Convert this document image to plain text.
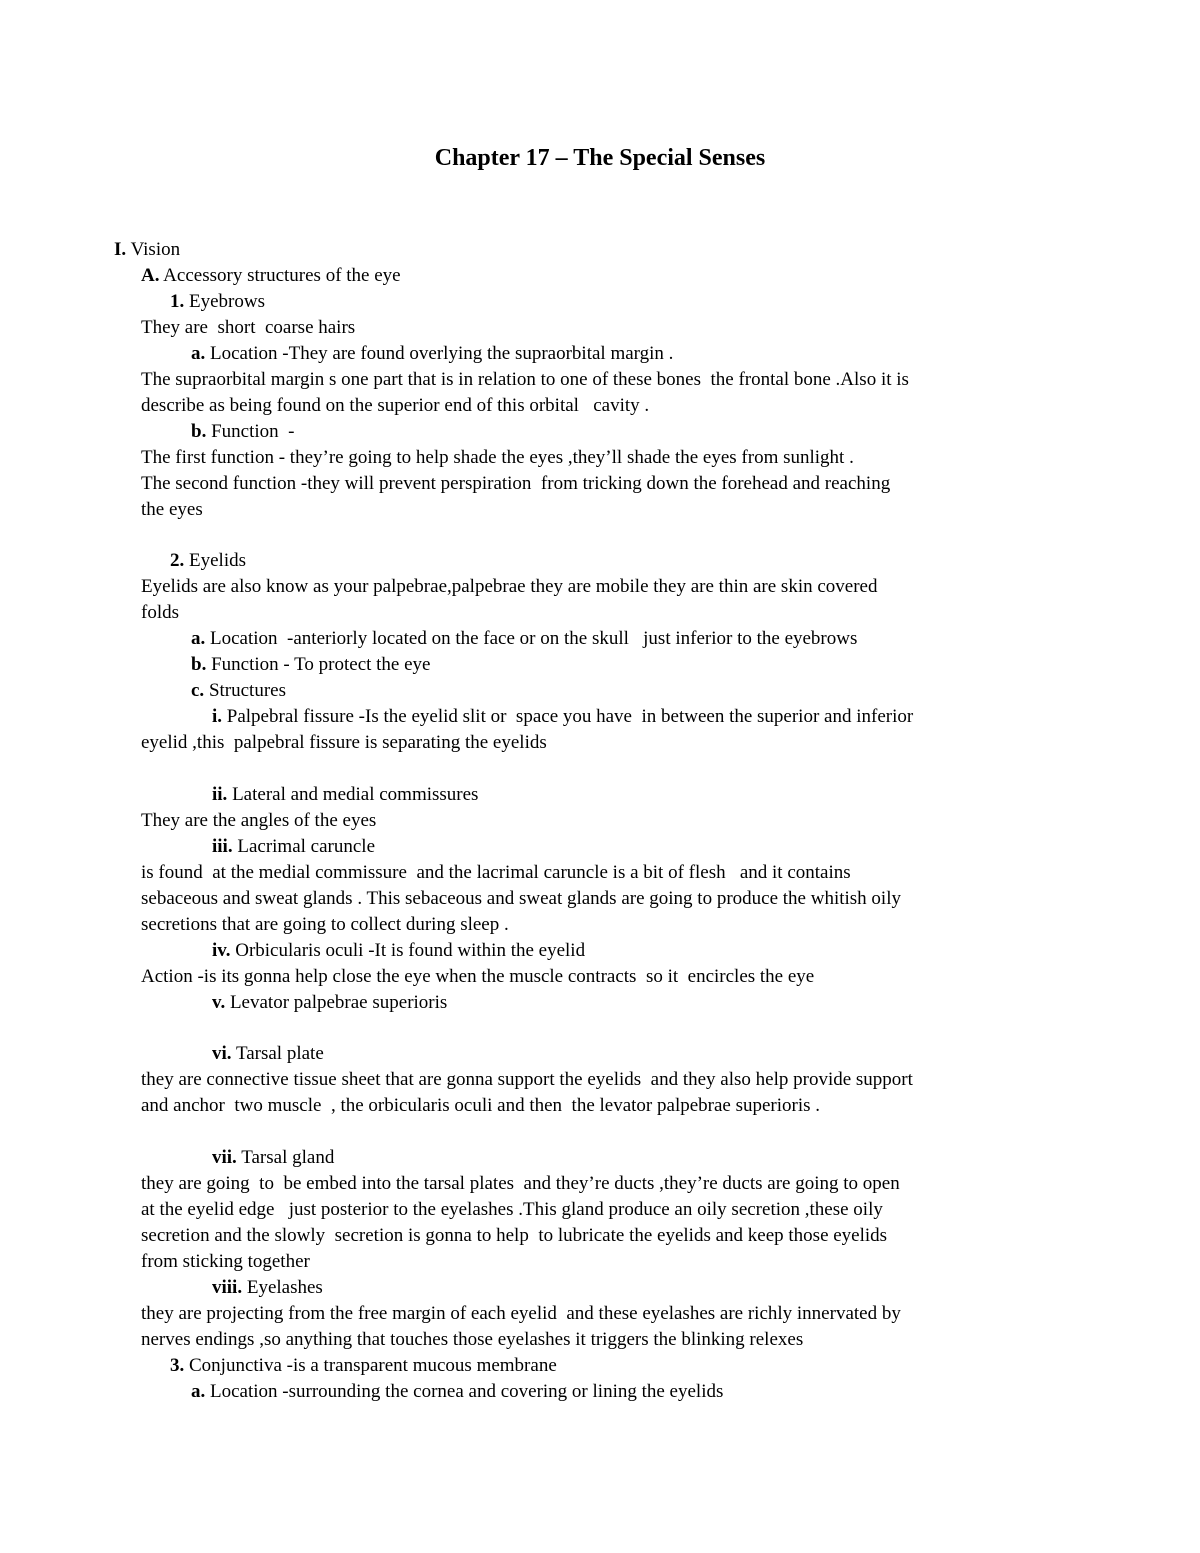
Chapter 17 – The Special Senses
I. Vision
A. Accessory structures of the eye
1. Eyebrows
They are  short  coarse hairs
a. Location -They are found overlying the supraorbital margin .
The supraorbital margin s one part that is in relation to one of these bones  the frontal bone .Also it is
describe as being found on the superior end of this orbital   cavity .
b. Function  -
The first function - they’re going to help shade the eyes ,they’ll shade the eyes from sunlight .
The second function -they will prevent perspiration  from tricking down the forehead and reaching
the eyes
2. Eyelids
Eyelids are also know as your palpebrae,palpebrae they are mobile they are thin are skin covered
folds
a. Location  -anteriorly located on the face or on the skull   just inferior to the eyebrows
b. Function - To protect the eye
c. Structures
i. Palpebral fissure -Is the eyelid slit or  space you have  in between the superior and inferior
eyelid ,this  palpebral fissure is separating the eyelids
ii. Lateral and medial commissures
They are the angles of the eyes
iii. Lacrimal caruncle
is found  at the medial commissure  and the lacrimal caruncle is a bit of flesh   and it contains
sebaceous and sweat glands . This sebaceous and sweat glands are going to produce the whitish oily
secretions that are going to collect during sleep .
iv. Orbicularis oculi -It is found within the eyelid
Action -is its gonna help close the eye when the muscle contracts  so it  encircles the eye
v. Levator palpebrae superioris
vi. Tarsal plate
they are connective tissue sheet that are gonna support the eyelids  and they also help provide support
and anchor  two muscle  , the orbicularis oculi and then  the levator palpebrae superioris .
vii. Tarsal gland
they are going  to  be embed into the tarsal plates  and they’re ducts ,they’re ducts are going to open
at the eyelid edge   just posterior to the eyelashes .This gland produce an oily secretion ,these oily
secretion and the slowly  secretion is gonna to help  to lubricate the eyelids and keep those eyelids
from sticking together
viii. Eyelashes
they are projecting from the free margin of each eyelid  and these eyelashes are richly innervated by
nerves endings ,so anything that touches those eyelashes it triggers the blinking relexes
3. Conjunctiva -is a transparent mucous membrane
a. Location -surrounding the cornea and covering or lining the eyelids
